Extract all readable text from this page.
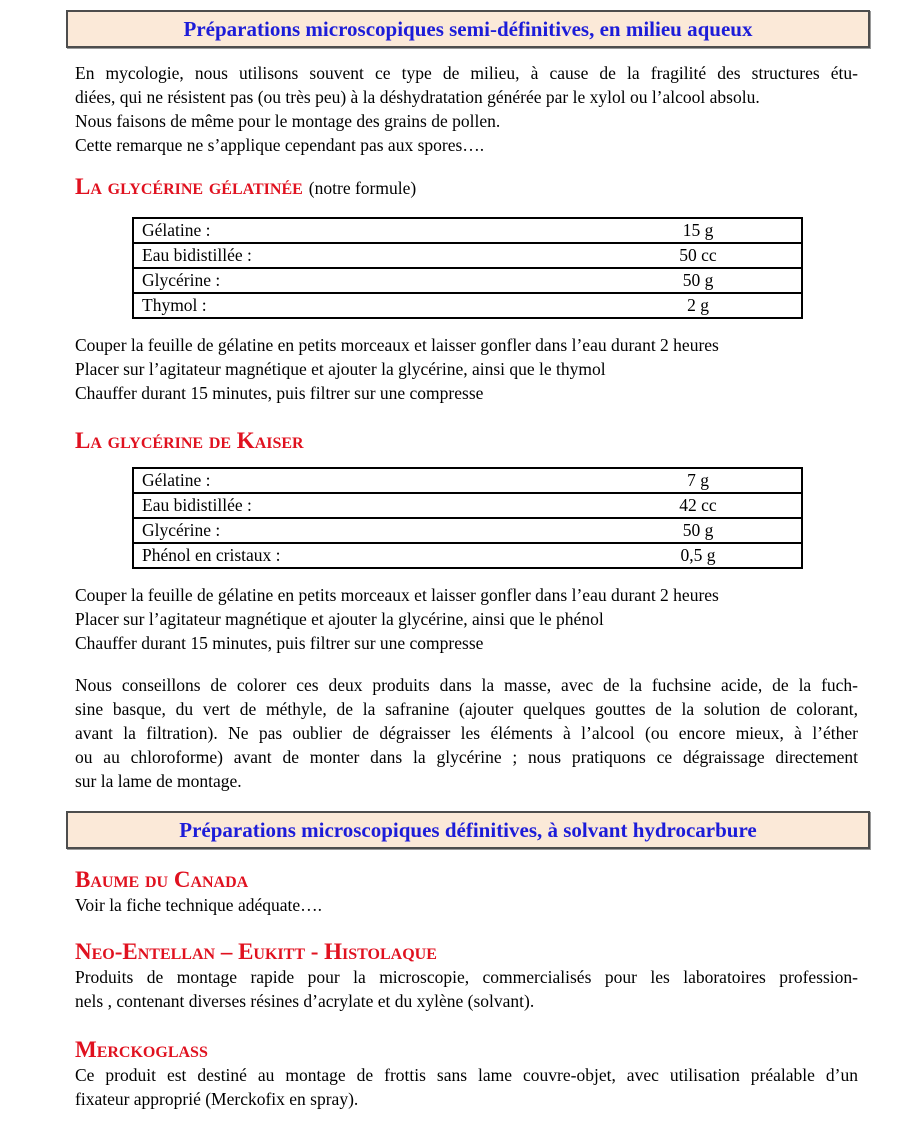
Préparations microscopiques semi-définitives, en milieu aqueux
En mycologie, nous utilisons souvent ce type de milieu, à cause de la fragilité des structures étu-
diées, qui ne résistent pas (ou très peu) à la déshydratation générée par le xylol ou l’alcool absolu.
Nous faisons de même pour le montage des grains de pollen.
Cette remarque ne s’applique cependant pas aux spores….
La glycérine gélatinée (notre formule)
Gélatine :	15 g
Eau bidistillée :	50 cc
Glycérine :	50 g
Thymol :	2 g
Couper la feuille de gélatine en petits morceaux et laisser gonfler dans l’eau durant 2 heures
Placer sur l’agitateur magnétique et ajouter la glycérine, ainsi que le thymol
Chauffer durant 15 minutes, puis filtrer sur une compresse
La glycérine de Kaiser
Gélatine :	7 g
Eau bidistillée :	42 cc
Glycérine :	50 g
Phénol en cristaux :	0,5 g
Couper la feuille de gélatine en petits morceaux et laisser gonfler dans l’eau durant 2 heures
Placer sur l’agitateur magnétique et ajouter la glycérine, ainsi que le phénol
Chauffer durant 15 minutes, puis filtrer sur une compresse
Nous conseillons de colorer ces deux produits dans la masse, avec de la fuchsine acide, de la fuch-
sine basque, du vert de méthyle, de la safranine (ajouter quelques gouttes de la solution de colorant,
avant la filtration). Ne pas oublier de dégraisser les éléments à l’alcool (ou encore mieux, à l’éther
ou au chloroforme) avant de monter dans la glycérine ; nous pratiquons ce dégraissage directement
sur la lame de montage.
Préparations microscopiques définitives, à solvant hydrocarbure
Baume du Canada
Voir la fiche technique adéquate….
Neo-Entellan – Eukitt - Histolaque
Produits de montage rapide pour la microscopie, commercialisés pour les laboratoires profession-
nels , contenant diverses résines d’acrylate et du xylène (solvant).
Merckoglass
Ce produit est destiné au montage de frottis sans lame couvre-objet, avec utilisation préalable d’un
fixateur approprié (Merckofix en spray).
